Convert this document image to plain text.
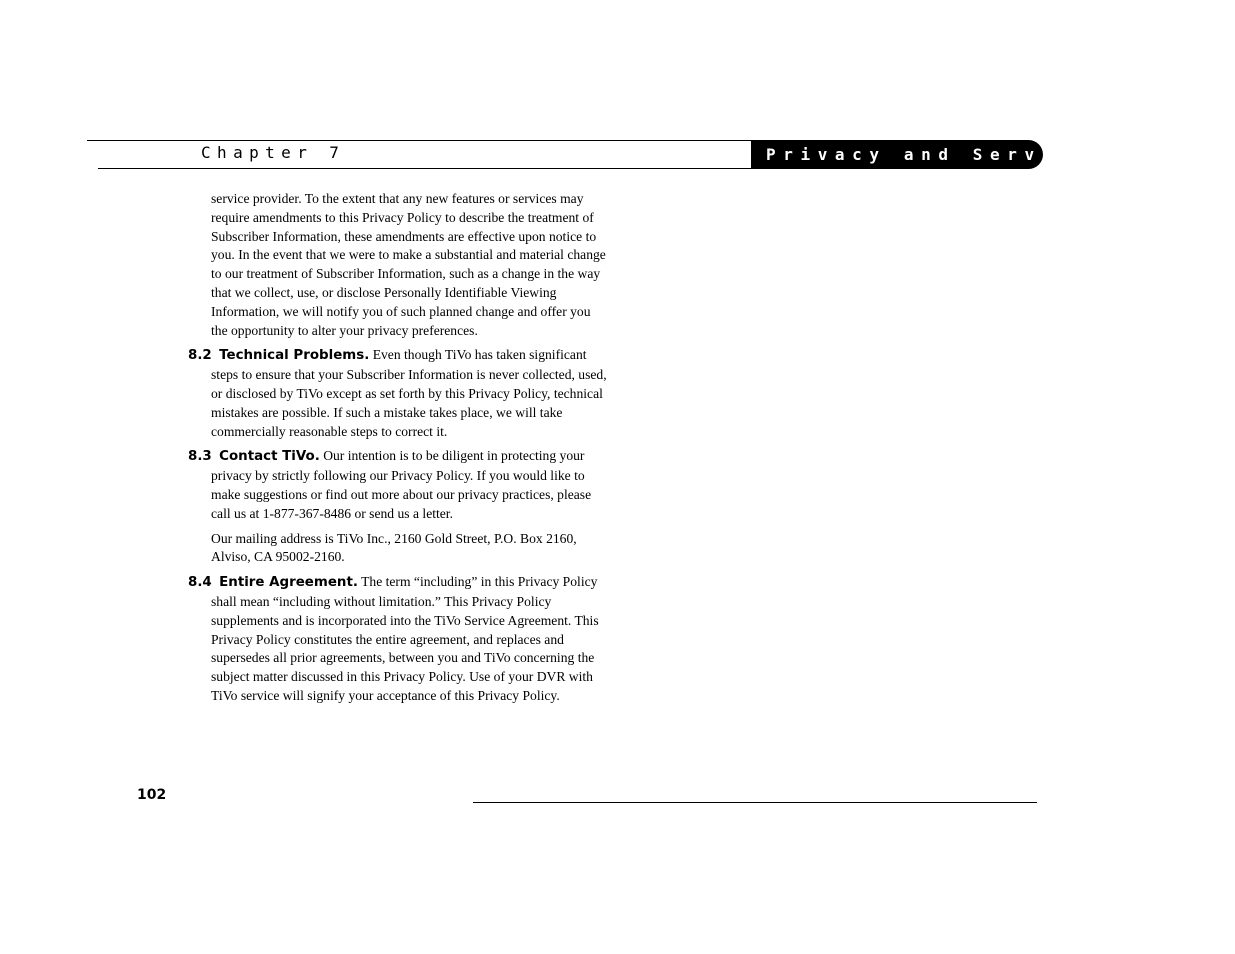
Chapter 7	Privacy and Service

service provider. To the extent that any new features or services may require amendments to this Privacy Policy to describe the treatment of Subscriber Information, these amendments are effective upon notice to you. In the event that we were to make a substantial and material change to our treatment of Subscriber Information, such as a change in the way that we collect, use, or disclose Personally Identifiable Viewing Information, we will notify you of such planned change and offer you the opportunity to alter your privacy preferences.

8.2 Technical Problems. Even though TiVo has taken significant steps to ensure that your Subscriber Information is never collected, used, or disclosed by TiVo except as set forth by this Privacy Policy, technical mistakes are possible. If such a mistake takes place, we will take commercially reasonable steps to correct it.

8.3 Contact TiVo. Our intention is to be diligent in protecting your privacy by strictly following our Privacy Policy. If you would like to make suggestions or find out more about our privacy practices, please call us at 1-877-367-8486 or send us a letter.

Our mailing address is TiVo Inc., 2160 Gold Street, P.O. Box 2160, Alviso, CA 95002-2160.

8.4 Entire Agreement. The term “including” in this Privacy Policy shall mean “including without limitation.” This Privacy Policy supplements and is incorporated into the TiVo Service Agreement. This Privacy Policy constitutes the entire agreement, and replaces and supersedes all prior agreements, between you and TiVo concerning the subject matter discussed in this Privacy Policy. Use of your DVR with TiVo service will signify your acceptance of this Privacy Policy.

102
